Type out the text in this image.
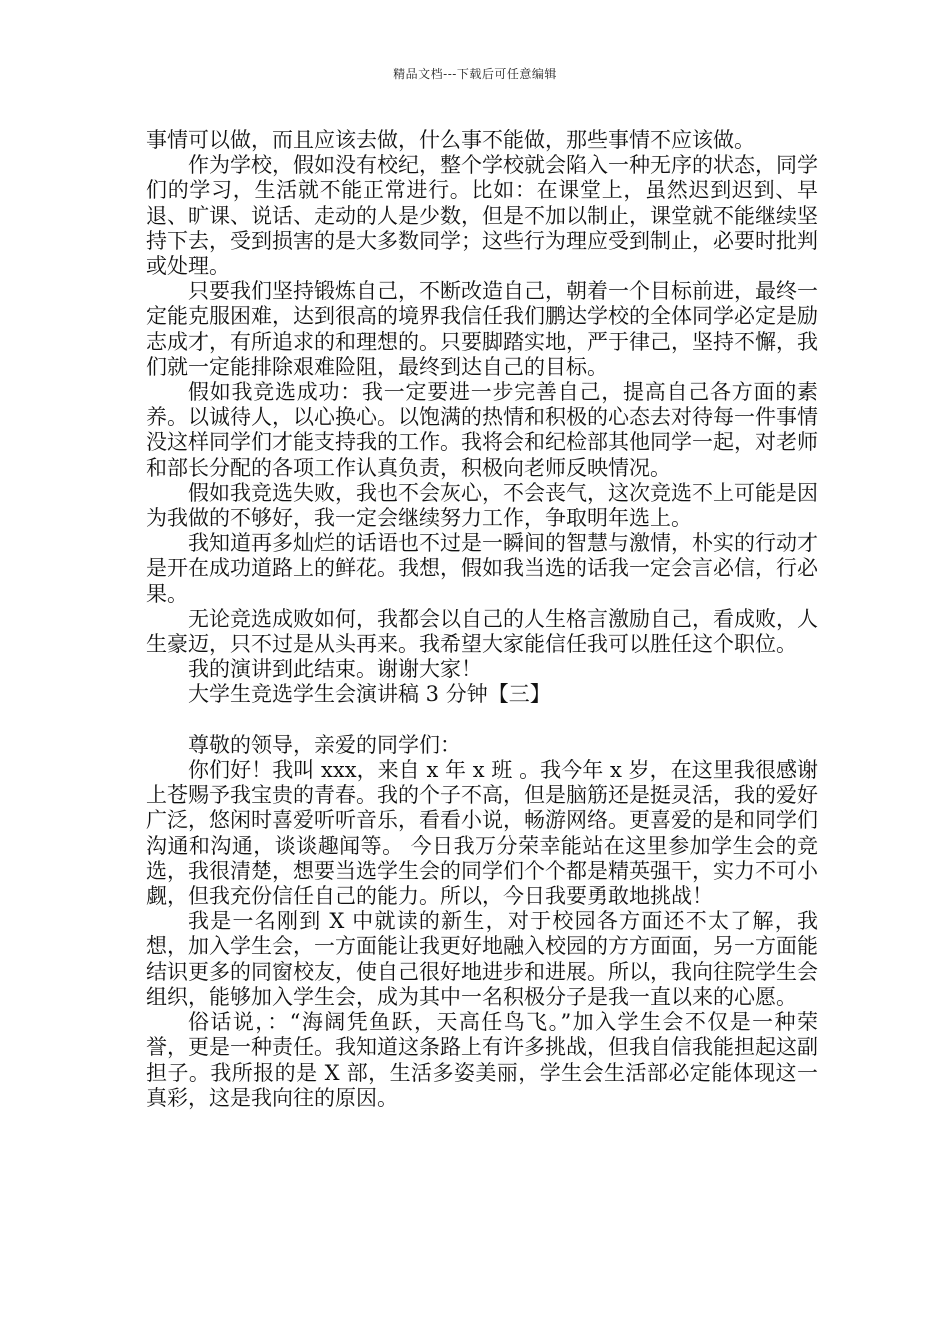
精品文档---下载后可任意编辑

事情可以做，而且应该去做，什么事不能做，那些事情不应该做。

作为学校，假如没有校纪，整个学校就会陷入一种无序的状态，同学们的学习，生活就不能正常进行。比如：在课堂上，虽然迟到迟到、早退、旷课、说话、走动的人是少数，但是不加以制止，课堂就不能继续坚持下去，受到损害的是大多数同学；这些行为理应受到制止，必要时批判或处理。

只要我们坚持锻炼自己，不断改造自己，朝着一个目标前进，最终一定能克服困难，达到很高的境界我信任我们鹏达学校的全体同学必定是励志成才，有所追求的和理想的。只要脚踏实地，严于律己，坚持不懈，我们就一定能排除艰难险阻，最终到达自己的目标。

假如我竞选成功：我一定要进一步完善自己，提高自己各方面的素养。以诚待人，以心换心。以饱满的热情和积极的心态去对待每一件事情没这样同学们才能支持我的工作。我将会和纪检部其他同学一起，对老师和部长分配的各项工作认真负责，积极向老师反映情况。

假如我竞选失败，我也不会灰心，不会丧气，这次竞选不上可能是因为我做的不够好，我一定会继续努力工作，争取明年选上。

我知道再多灿烂的话语也不过是一瞬间的智慧与激情，朴实的行动才是开在成功道路上的鲜花。我想，假如我当选的话我一定会言必信，行必果。

无论竞选成败如何，我都会以自己的人生格言激励自己，看成败，人生豪迈，只不过是从头再来。我希望大家能信任我可以胜任这个职位。

我的演讲到此结束。谢谢大家！

大学生竞选学生会演讲稿 3 分钟【三】

尊敬的领导，亲爱的同学们：

你们好！我叫 xxx，来自 x 年 x 班 。我今年 x 岁，在这里我很感谢上苍赐予我宝贵的青春。我的个子不高，但是脑筋还是挺灵活，我的爱好广泛，悠闲时喜爱听听音乐，看看小说，畅游网络。更喜爱的是和同学们沟通和沟通，谈谈趣闻等。 今日我万分荣幸能站在这里参加学生会的竞选，我很清楚，想要当选学生会的同学们个个都是精英强干，实力不可小觑，但我充份信任自己的能力。所以，今日我要勇敢地挑战！

我是一名刚到 X 中就读的新生，对于校园各方面还不太了解，我想，加入学生会，一方面能让我更好地融入校园的方方面面，另一方面能结识更多的同窗校友，使自己很好地进步和进展。所以，我向往院学生会组织，能够加入学生会，成为其中一名积极分子是我一直以来的心愿。

俗话说，：“海阔凭鱼跃，天高任鸟飞。”加入学生会不仅是一种荣誉，更是一种责任。我知道这条路上有许多挑战，但我自信我能担起这副担子。我所报的是 X 部，生活多姿美丽，学生会生活部必定能体现这一真彩，这是我向往的原因。
